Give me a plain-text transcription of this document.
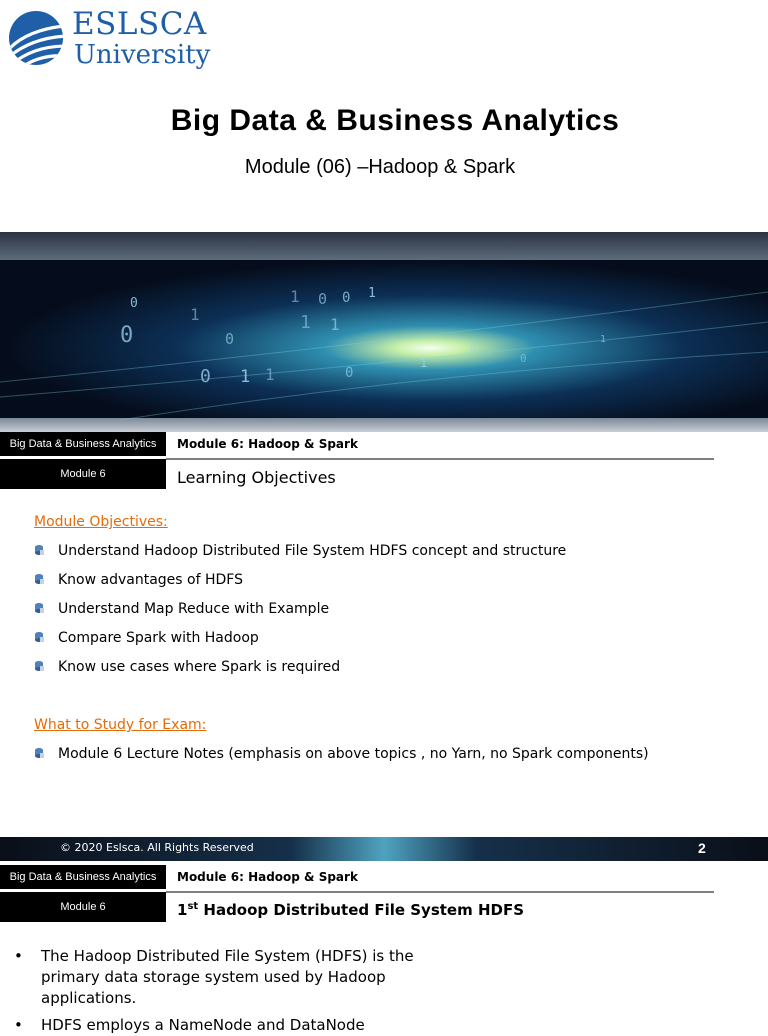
ESLSCA
University
Big Data & Business Analytics
Module (06) –Hadoop & Spark
1 0 0 1
1 1
0
0
1
0
0 1 1	0
1
0
0
1
Big Data & Business Analytics
Module 6
Module 6: Hadoop & Spark
Learning Objectives
Module Objectives:
Understand Hadoop Distributed File System HDFS concept and structure
Know advantages of HDFS
Understand Map Reduce with Example
Compare Spark with Hadoop
Know use cases where Spark is required
What to Study for Exam:
Module 6 Lecture Notes (emphasis on above topics , no Yarn, no Spark components)
© 2020 Eslsca. All Rights Reserved	2
Big Data & Business Analytics
Module 6
Module 6: Hadoop & Spark
1st Hadoop Distributed File System HDFS
• The Hadoop Distributed File System (HDFS) is the primary data storage system used by Hadoop applications.
• HDFS employs a NameNode and DataNode
